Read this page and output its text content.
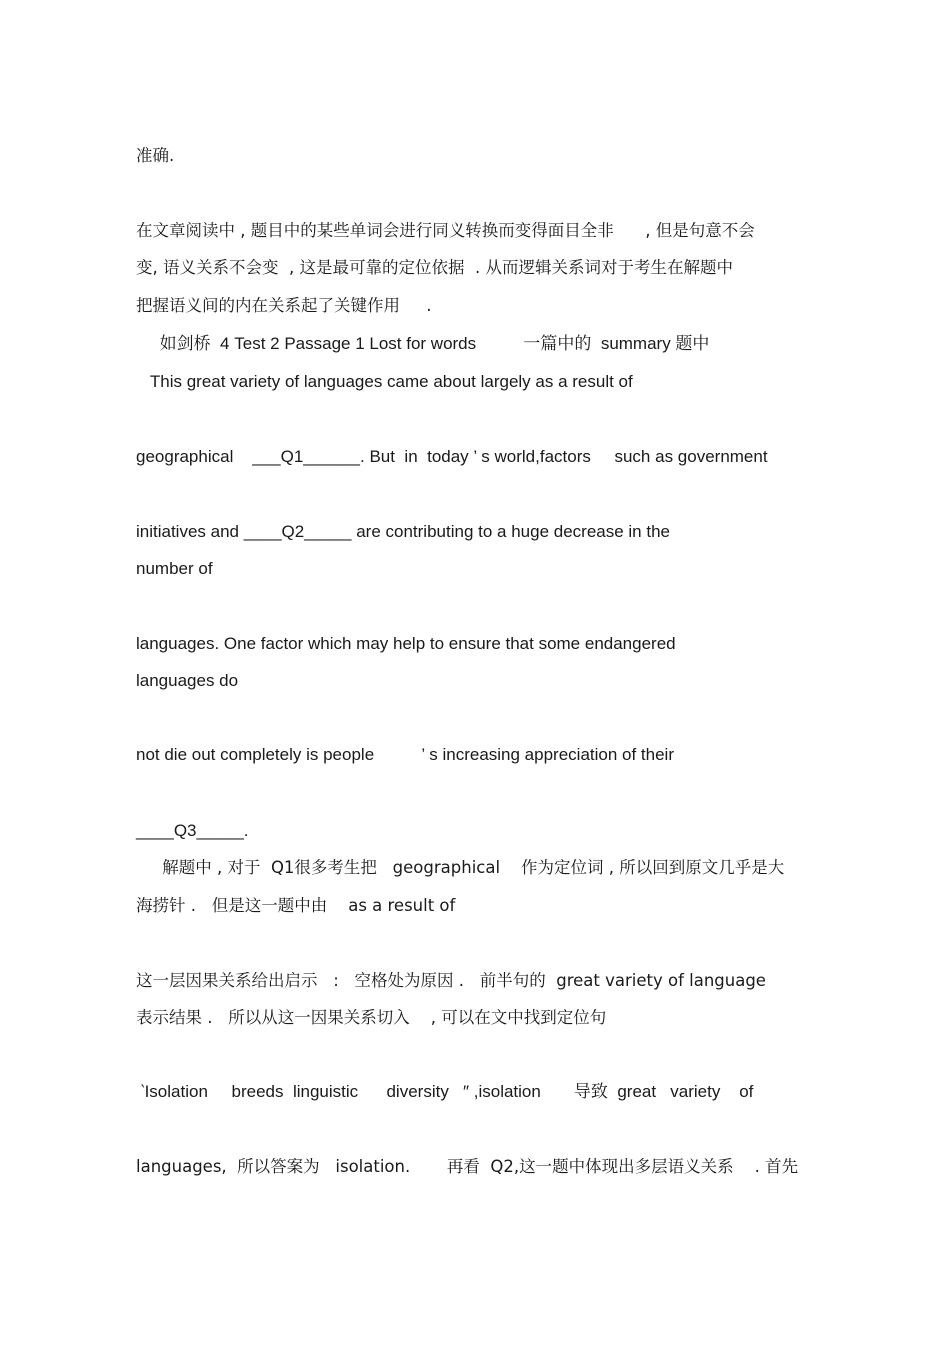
准确.
在文章阅读中 , 题目中的某些单词会进行同义转换而变得面目全非      , 但是句意不会
变, 语义关系不会变  , 这是最可靠的定位依据  . 从而逻辑关系词对于考生在解题中
把握语义间的内在关系起了关键作用     .
如剑桥  4 Test 2 Passage 1 Lost for words          一篇中的  summary 题中
This great variety of languages came about largely as a result of
geographical    ___Q1______. But  in  today ’ s world,factors     such as government
initiatives and ____Q2_____ are contributing to a huge decrease in the
number of
languages. One factor which may help to ensure that some endangered
languages do
not die out completely is people          ’ s increasing appreciation of their
____Q3_____.
解题中 , 对于  Q1很多考生把   geographical    作为定位词 , 所以回到原文几乎是大
海捞针 .   但是这一题中由    as a result of
这一层因果关系给出启示   :   空格处为原因 .   前半句的  great variety of language
表示结果 .   所以从这一因果关系切入    , 可以在文中找到定位句
‵Isolation     breeds  linguistic      diversity   ″ ,isolation       导致  great   variety    of
languages,  所以答案为   isolation.       再看  Q2,这一题中体现出多层语义关系    . 首先
